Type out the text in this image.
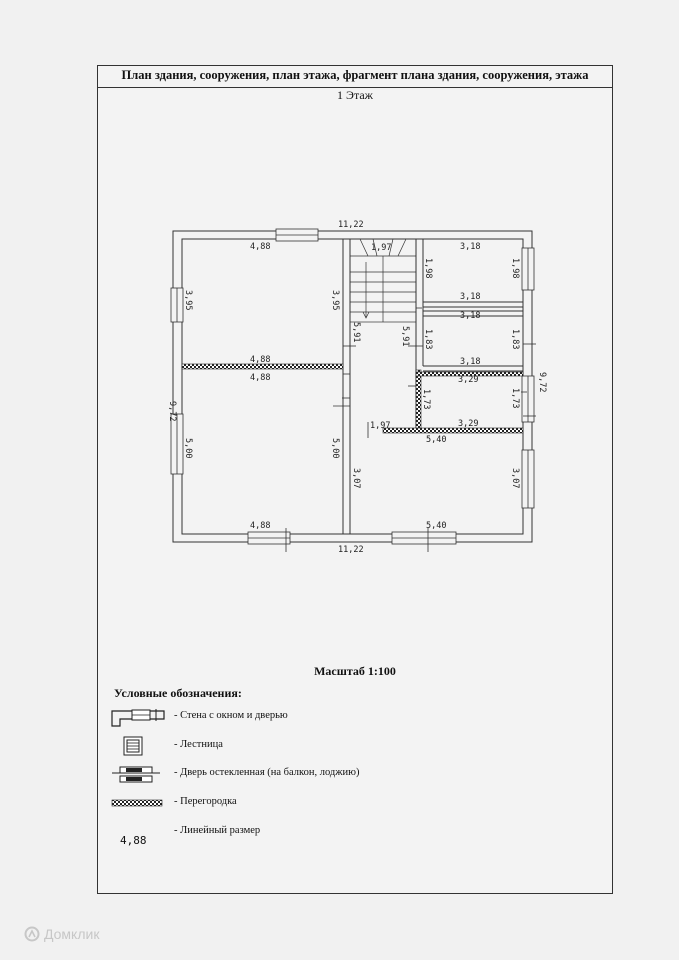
План здания, сооружения, план этажа, фрагмент плана здания, сооружения, этажа
1 Этаж
11,22
11,22
9,72
9,72
4,88
3,95	3,95
4,88
4,88
5,00	5,00
4,88
1,97
5,91	5,91
1,97
3,18
1,98	1,98
3,18
3,18
1,83	1,83
3,18
3,29
1,73	1,73
3,29
5,40
3,07	3,07
5,40
Масштаб 1:100
Условные обозначения:
- Стена с окном и дверью
- Лестница
- Дверь остекленная (на балкон, лоджию)
- Перегородка
4,88
- Линейный размер
Домклик
